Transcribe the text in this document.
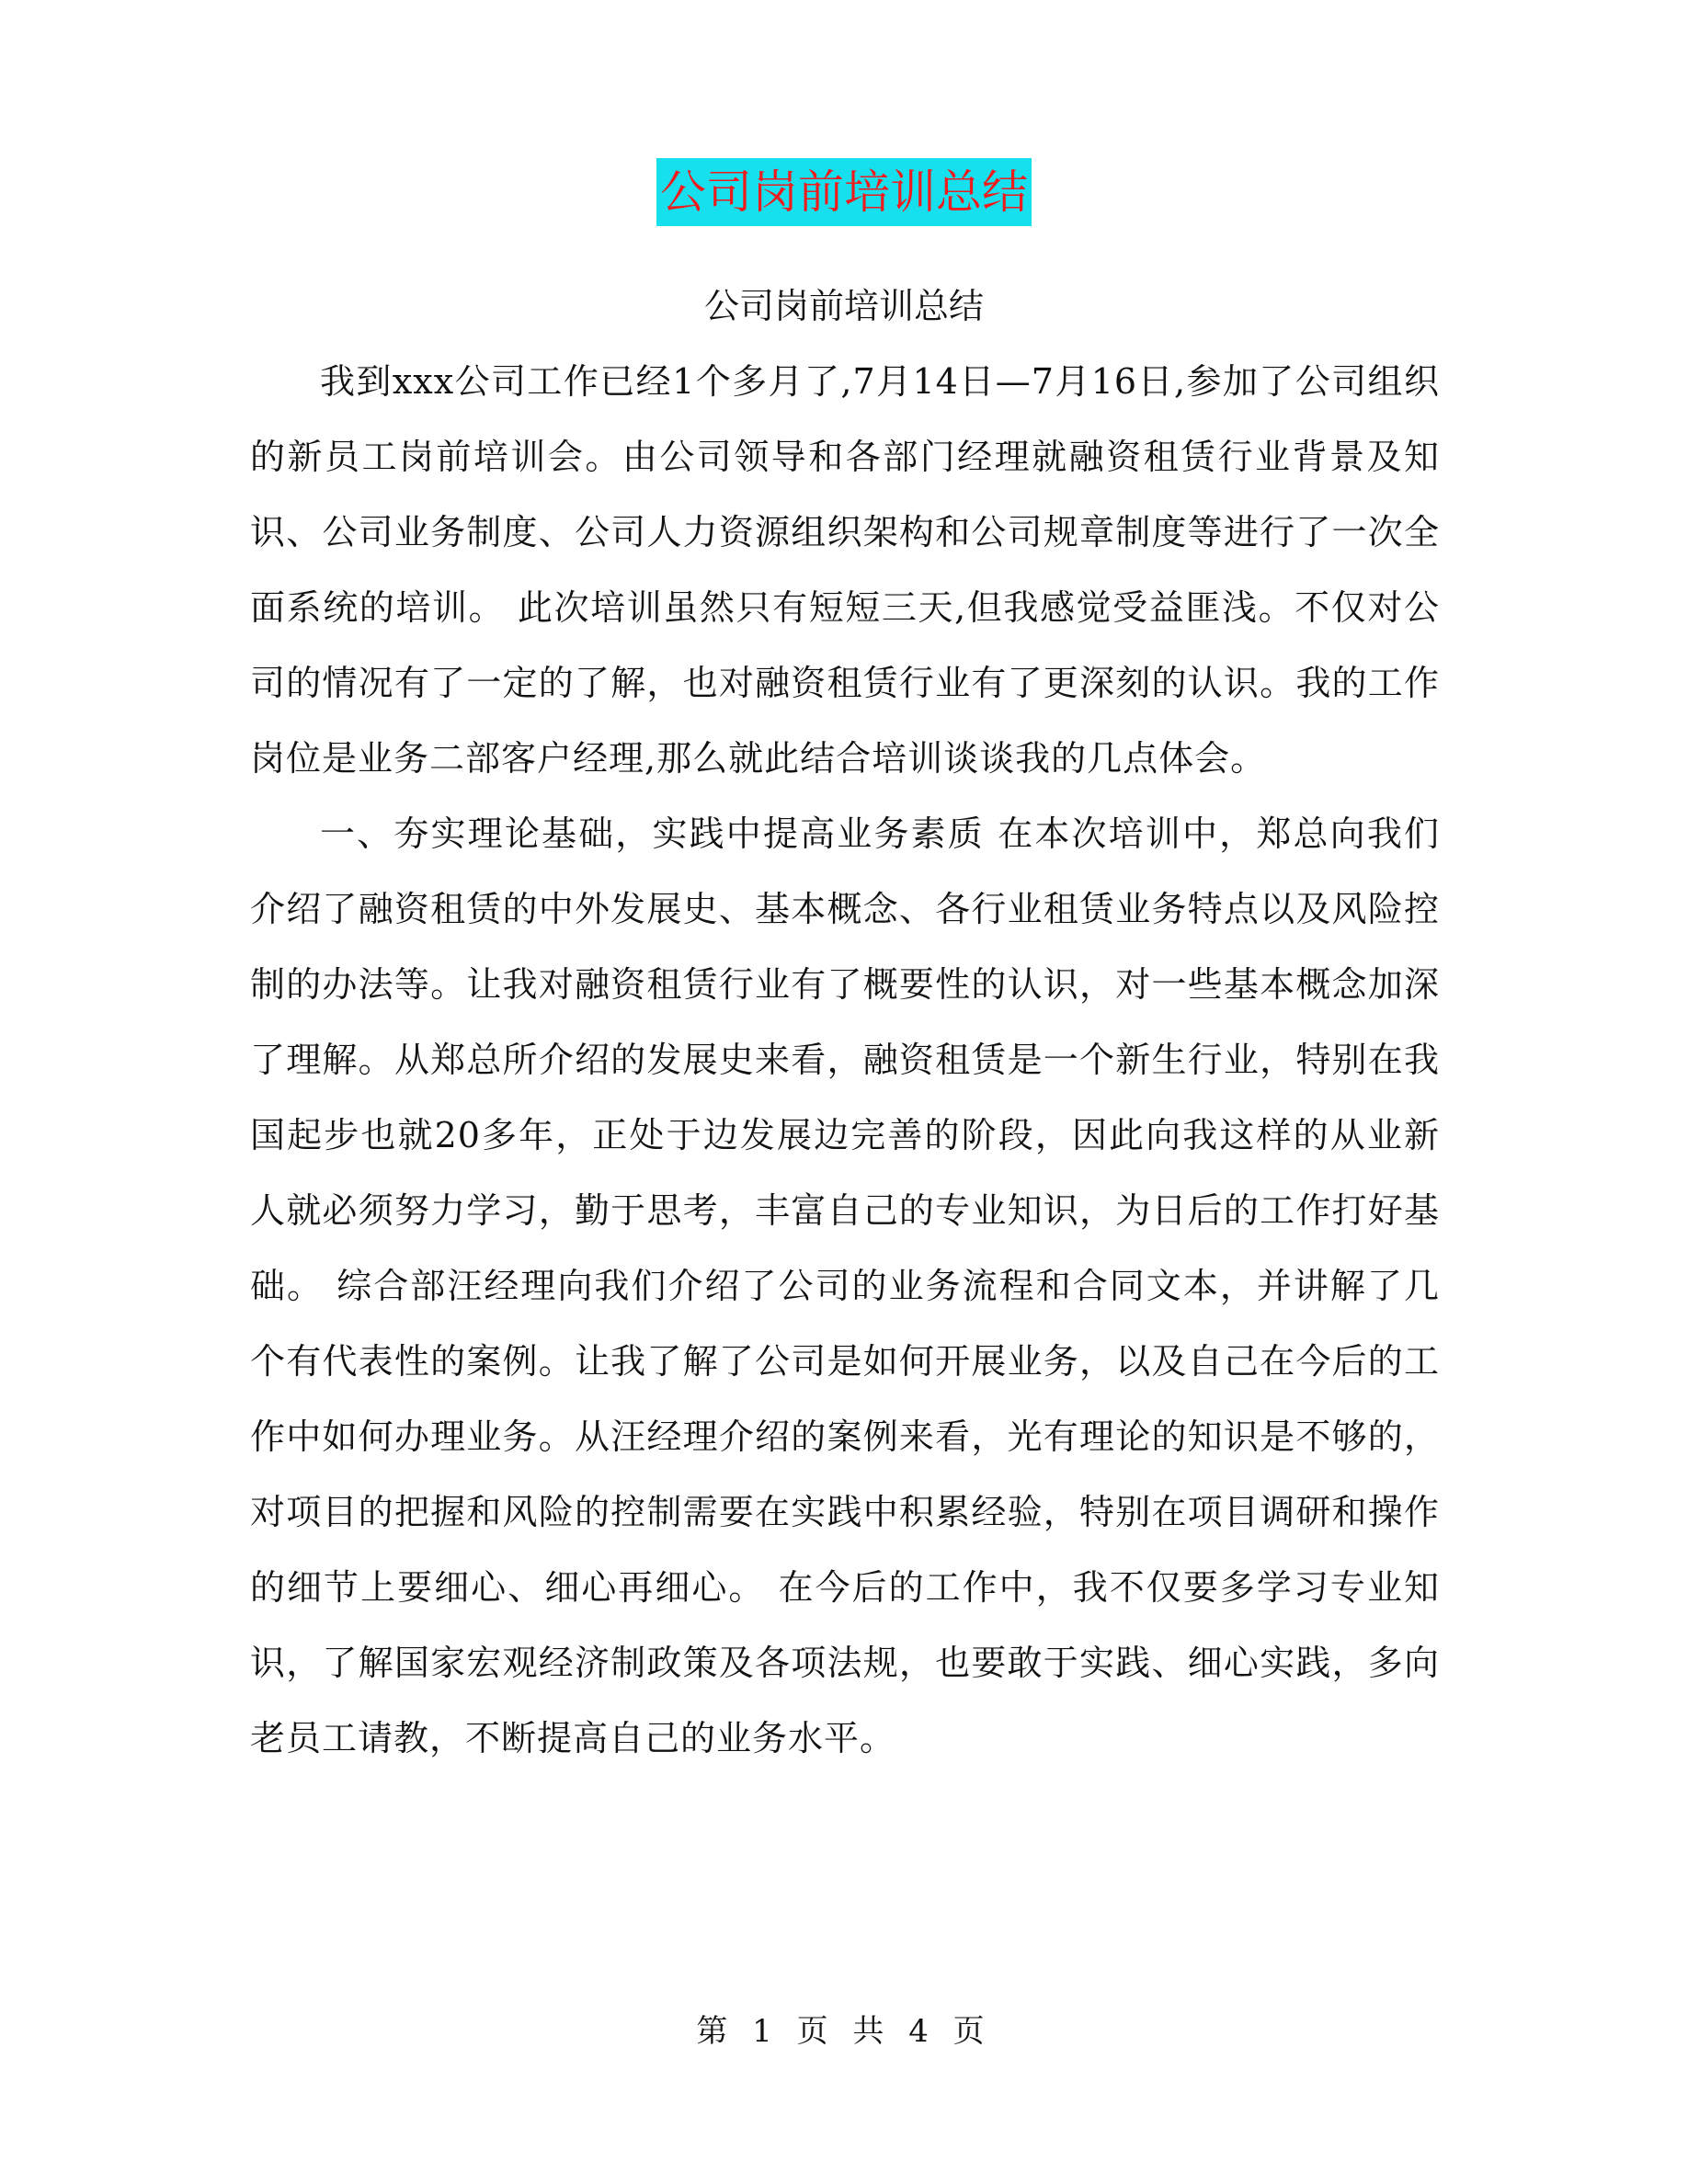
公司岗前培训总结

公司岗前培训总结

我到xxx公司工作已经1个多月了,7月14日—7月16日,参加了公司组织的新员工岗前培训会。由公司领导和各部门经理就融资租赁行业背景及知识、公司业务制度、公司人力资源组织架构和公司规章制度等进行了一次全面系统的培训。 此次培训虽然只有短短三天,但我感觉受益匪浅。不仅对公司的情况有了一定的了解，也对融资租赁行业有了更深刻的认识。我的工作岗位是业务二部客户经理,那么就此结合培训谈谈我的几点体会。

一、夯实理论基础，实践中提高业务素质 在本次培训中，郑总向我们介绍了融资租赁的中外发展史、基本概念、各行业租赁业务特点以及风险控制的办法等。让我对融资租赁行业有了概要性的认识，对一些基本概念加深了理解。从郑总所介绍的发展史来看，融资租赁是一个新生行业，特别在我国起步也就20多年，正处于边发展边完善的阶段，因此向我这样的从业新人就必须努力学习，勤于思考，丰富自己的专业知识，为日后的工作打好基础。 综合部汪经理向我们介绍了公司的业务流程和合同文本，并讲解了几个有代表性的案例。让我了解了公司是如何开展业务，以及自己在今后的工作中如何办理业务。从汪经理介绍的案例来看，光有理论的知识是不够的，对项目的把握和风险的控制需要在实践中积累经验，特别在项目调研和操作的细节上要细心、细心再细心。 在今后的工作中，我不仅要多学习专业知识，了解国家宏观经济制政策及各项法规，也要敢于实践、细心实践，多向老员工请教，不断提高自己的业务水平。

第 1 页 共 4 页
